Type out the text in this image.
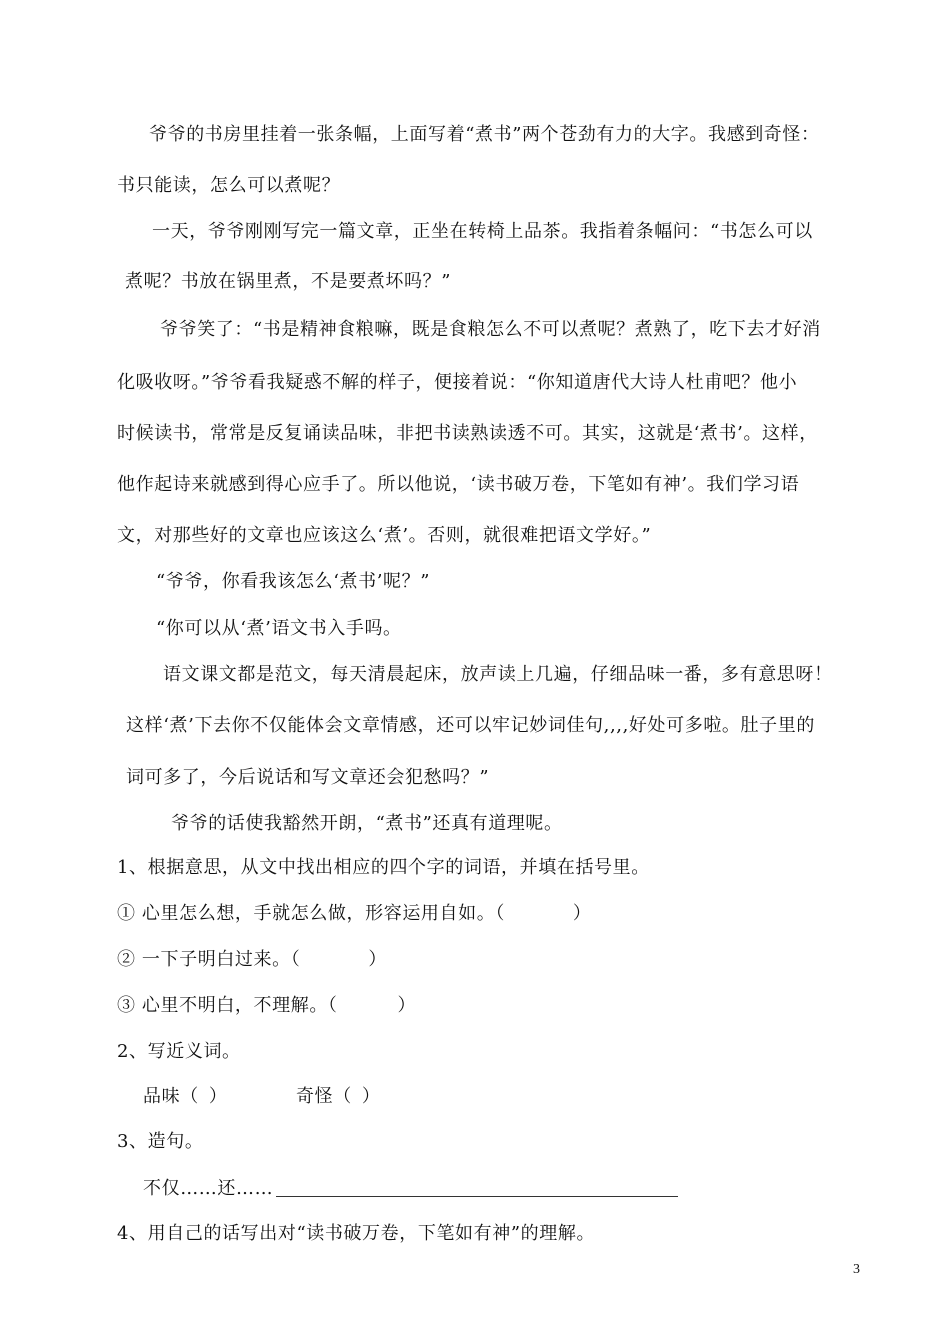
爷爷的书房里挂着一张条幅，上面写着“煮书”两个苍劲有力的大字。我感到奇怪：
书只能读，怎么可以煮呢？
一天，爷爷刚刚写完一篇文章，正坐在转椅上品茶。我指着条幅问：“书怎么可以
煮呢？书放在锅里煮，不是要煮坏吗？”
爷爷笑了：“书是精神食粮嘛，既是食粮怎么不可以煮呢？煮熟了，吃下去才好消
化吸收呀。”爷爷看我疑惑不解的样子，便接着说：“你知道唐代大诗人杜甫吧？他小
时候读书，常常是反复诵读品味，非把书读熟读透不可。其实，这就是‘煮书’。这样，
他作起诗来就感到得心应手了。所以他说，‘读书破万卷，下笔如有神’。我们学习语
文，对那些好的文章也应该这么‘煮’。否则，就很难把语文学好。”
“爷爷，你看我该怎么‘煮书’呢？”
“你可以从‘煮’语文书入手吗。
语文课文都是范文，每天清晨起床，放声读上几遍，仔细品味一番，多有意思呀！
这样‘煮’下去你不仅能体会文章情感，还可以牢记妙词佳句,,,,好处可多啦。肚子里的
词可多了，今后说话和写文章还会犯愁吗？”
爷爷的话使我豁然开朗，“煮书”还真有道理呢。
1、根据意思，从文中找出相应的四个字的词语，并填在括号里。
① 心里怎么想，手就怎么做，形容运用自如。（	）
② 一下子明白过来。（	）
③ 心里不明白，不理解。（	）
2、写近义词。
品味（ ）	奇怪（ ）
3、造句。
不仅……还……
4、用自己的话写出对“读书破万卷，下笔如有神”的理解。
3
